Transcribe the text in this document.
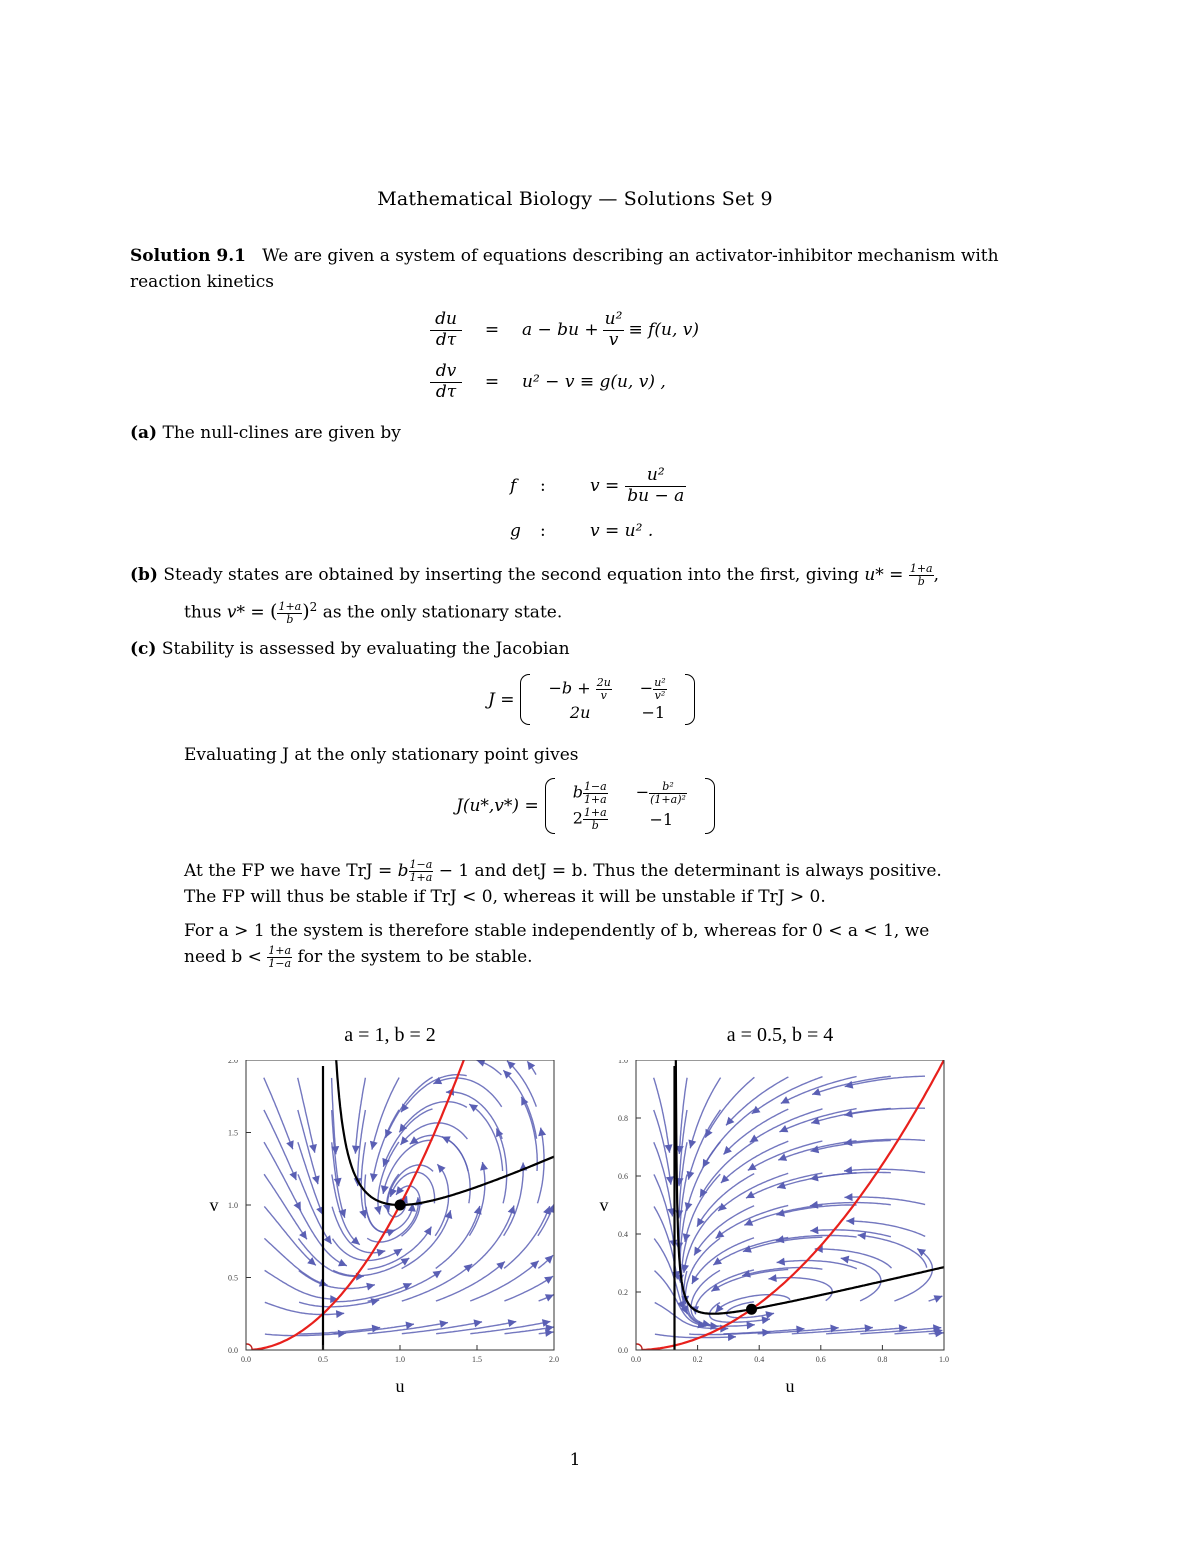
Mathematical Biology — Solutions Set 9
Solution 9.1 We are given a system of equations describing an activator-inhibitor mechanism with reaction kinetics
$\frac{du}{d\tau}$	=	a − bu + $\frac{\text{u²}}{v} \equiv f(u$, v)
$\frac{dv}{d\tau}$	=	u² − v ≡ g(u, v) ,
(a) The null-clines are given by
f	:	$v = \frac{\text{u²}}{bu - a}$
g	:	v = u² .
(b) Steady states are obtained by inserting the second equation into the first, giving $u* = \frac{1+a}{b}$ ,
thus v* = ( $\frac{1+a}{b} )^2$ as the only stationary state.
(c) Stability is assessed by evaluating the Jacobian
J =
$-b + \frac{2u}{v}$	− $\frac{\text{u²}}{\text{v²}}$

2u	−1
Evaluating J at the only stationary point gives
J(u*,v*) =
b $\frac{1-a}{1+a}$	− $\frac{\text{b²}}{\text{(1+a)²}}$

$2 \frac{1+a}{b}$	−1
At the FP we have TrJ = b $\frac{1-a}{1+a} - 1$ and detJ = b. Thus the determinant is always positive.
The FP will thus be stable if TrJ < 0, whereas it will be unstable if TrJ > 0.
For a > 1 the system is therefore stable independently of b, whereas for 0 < a < 1, we
need $b < \frac{1+a}{1-a}$ for the system to be stable.
a = 1, b = 2
0.0	0.5	1.0	1.5	2.0
0.0
0.5
1.0
1.5
2.0
u
v
a = 0.5, b = 4
0.0	0.2	0.4	0.6	0.8	1.0
0.0
0.2
0.4
0.6
0.8
1.0
u
v
1
